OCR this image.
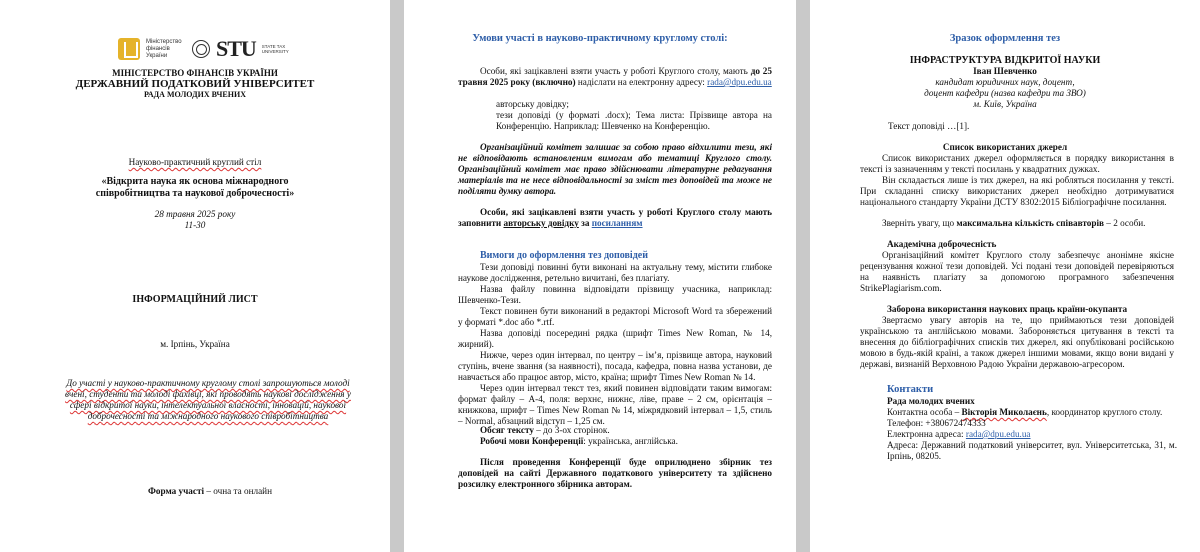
Міністерство фінансів України	STU STATE TAX UNIVERSITY
МІНІСТЕРСТВО ФІНАНСІВ УКРАЇНИ
ДЕРЖАВНИЙ ПОДАТКОВИЙ УНІВЕРСИТЕТ
РАДА МОЛОДИХ ВЧЕНИХ
Науково-практичний круглий стіл
«Відкрита наука як основа міжнародного співробітництва та наукової доброчесності»
28 травня 2025 року
11-30
ІНФОРМАЦІЙНИЙ ЛИСТ
м. Ірпінь, Україна
До участі у науково-практичному круглому столі запрошуються молоді вчені, студенти та молоді фахівці, які проводять наукові дослідження у сфері відкритої науки, інтелектуальної власності, інновацій, наукової доброчесності та міжнародного наукового співробітництва
Форма участі – очна та онлайн
Умови участі в науково-практичному круглому столі:
Особи, які зацікавлені взяти участь у роботі Круглого столу, мають до 25 травня 2025 року (включно) надіслати на електронну адресу: rada@dpu.edu.ua
авторську довідку;
тези доповіді (у форматі .docx); Тема листа: Прізвище автора на Конференцію. Наприклад: Шевченко на Конференцію.
Організаційний комітет залишає за собою право відхилити тези, які не відповідають встановленим вимогам або тематиці Круглого столу. Організаційний комітет має право здійснювати літературне редагування матеріалів та не несе відповідальності за зміст тез доповідей та може не поділяти думку автора.
Особи, які зацікавлені взяти участь у роботі Круглого столу мають заповнити авторську довідку за посиланням
Вимоги до оформлення тез доповідей
Тези доповіді повинні бути виконані на актуальну тему, містити глибоке наукове дослідження, ретельно вичитані, без плагіату.
Назва файлу повинна відповідати прізвищу учасника, наприклад: Шевченко-Тези.
Текст повинен бути виконаний в редакторі Microsoft Word та збережений у форматі *.doc або *.rtf.
Назва доповіді посередині рядка (шрифт Times New Roman, № 14, жирний).
Нижче, через один інтервал, по центру – ім’я, прізвище автора, науковий ступінь, вчене звання (за наявності), посада, кафедра, повна назва установи, де навчається або працює автор, місто, країна; шрифт Times New Roman № 14.
Через один інтервал текст тез, який повинен відповідати таким вимогам: формат файлу – А-4, поля: верхнє, нижнє, ліве, праве – 2 см, орієнтація – книжкова, шрифт – Times New Roman № 14, міжрядковий інтервал – 1,5, стиль – Normal, абзацний відступ – 1,25 см.
Обсяг тексту – до 3-ох сторінок.
Робочі мови Конференції: українська, англійська.
Після проведення Конференції буде оприлюднено збірник тез доповідей на сайті Державного податкового університету та здійснено розсилку електронного збірника авторам.
Зразок оформлення тез
ІНФРАСТРУКТУРА ВІДКРИТОЇ НАУКИ
Іван Шевченко
кандидат юридичних наук, доцент,
доцент кафедри (назва кафедри та ЗВО)
м. Київ, Україна
Текст доповіді …[1].
Список використаних джерел
Список використаних джерел оформляється в порядку використання в тексті із зазначенням у тексті посилань у квадратних дужках.
Він складається лише із тих джерел, на які робляться посилання у тексті. При складанні списку використаних джерел необхідно дотримуватися національного стандарту України ДСТУ 8302:2015 Бібліографічне посилання.
Зверніть увагу, що максимальна кількість співавторів – 2 особи.
Академічна доброчесність
Організаційний комітет Круглого столу забезпечує анонімне якісне рецензування кожної тези доповідей. Усі подані тези доповідей перевіряються на наявність плагіату за допомогою програмного забезпечення StrikePlagiarism.com.
Заборона використання наукових праць країни-окупанта
Звертаємо увагу авторів на те, що приймаються тези доповідей українською та англійською мовами. Забороняється цитування в тексті та внесення до бібліографічних списків тих джерел, які опубліковані російською мовою в будь-якій країні, а також джерел іншими мовами, якщо вони видані у державі, визнаній Верховною Радою України державою-агресором.
Контакти
Рада молодих вчених
Контактна особа – Вікторія Миколаєнь, координатор круглого столу.
Телефон: +380672474333
Електронна адреса: rada@dpu.edu.ua
Адреса: Державний податковий університет, вул. Університетська, 31, м. Ірпінь, 08205.
